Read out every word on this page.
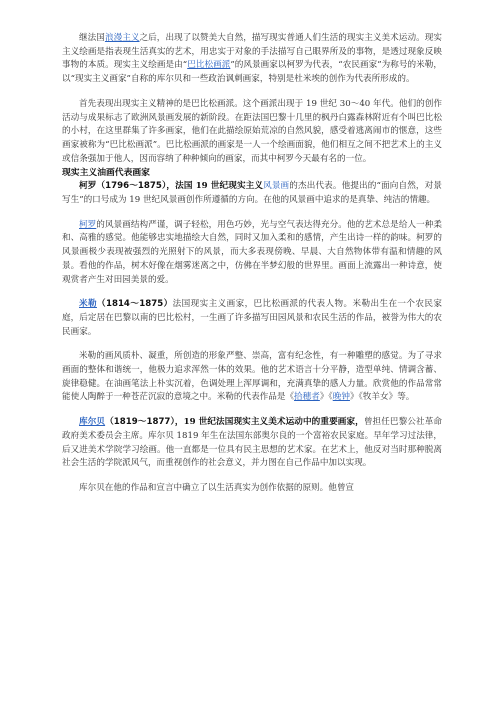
继法国浪漫主义之后，出现了以赞美大自然，描写现实普通人们生活的现实主义美术运动。现实主义绘画是指表现生活真实的艺术，用忠实于对象的手法描写自己眼界所及的事物，是透过现象反映事物的本质。现实主义绘画是由“巴比松画派”的风景画家以柯罗为代表，“农民画家”为称号的米勒，以“现实主义画家”自称的库尔贝和一些政治讽刺画家，特别是杜米埃的创作为代表所形成的。

首先表现出现实主义精神的是巴比松画派。这个画派出现于 19 世纪 30～40 年代。他们的创作活动与成果标志了欧洲风景画发展的新阶段。在距法国巴黎十几里的枫丹白露森林附近有个叫巴比松的小村，在这里群集了许多画家，他们在此描绘原始荒凉的自然风貌，感受着逃离闹市的惬意，这些画家被称为“巴比松画派”。巴比松画派的画家是一人一个绘画面貌，他们相互之间不把艺术上的主义或信条强加于他人，因而容纳了种种倾向的画家，而其中柯罗今天最有名的一位。

现实主义油画代表画家

柯罗（1796～1875），法国 19 世纪现实主义风景画的杰出代表。他提出的“面向自然，对景写生”的口号成为 19 世纪风景画创作所遵循的方向。在他的风景画中追求的是真挚、纯洁的情趣。

柯罗的风景画结构严谨，调子轻松，用色巧妙，光与空气表达得充分。他的艺术总是给人一种柔和、高雅的感觉。他能够忠实地描绘大自然，同时又加入柔和的感情，产生出诗一样的韵味。柯罗的风景画极少表现被强烈的光照射下的风景，而大多表现傍晚、早晨、大自然物体带有温和情趣的风景。看他的作品，树木好像在烟雾迷离之中，仿佛在半梦幻般的世界里。画面上流露出一种诗意，使观赏者产生对田园美景的爱。

米勒（1814～1875）法国现实主义画家，巴比松画派的代表人物。米勒出生在一个农民家庭，后定居在巴黎以南的巴比松村，一生画了许多描写田园风景和农民生活的作品，被誉为伟大的农民画家。

米勒的画风质朴、凝重，所创造的形象严整、崇高，富有纪念性，有一种雕塑的感觉。为了寻求画面的整体和谐统一，他极力追求浑然一体的效果。他的艺术语言十分平静，造型单纯、情调含蓄、旋律稳健。在油画笔法上朴实沉着，色调处理上浑厚调和，充满真挚的感人力量。欣赏他的作品常常能使人陶醉于一种苍茫沉寂的意境之中。米勒的代表作品是《拾穗者》《晚钟》《牧羊女》等。

库尔贝（1819～1877），19 世纪法国现实主义美术运动中的重要画家，曾担任巴黎公社革命政府美术委员会主席。库尔贝 1819 年生在法国东部奥尔良的一个富裕农民家庭。早年学习过法律，后又进美术学院学习绘画。他一直都是一位具有民主思想的艺术家。在艺术上，他反对当时那种脱离社会生活的学院派风气，而重视创作的社会意义，并力图在自己作品中加以实现。

库尔贝在他的作品和宣言中确立了以生活真实为创作依据的原则。他曾宣
